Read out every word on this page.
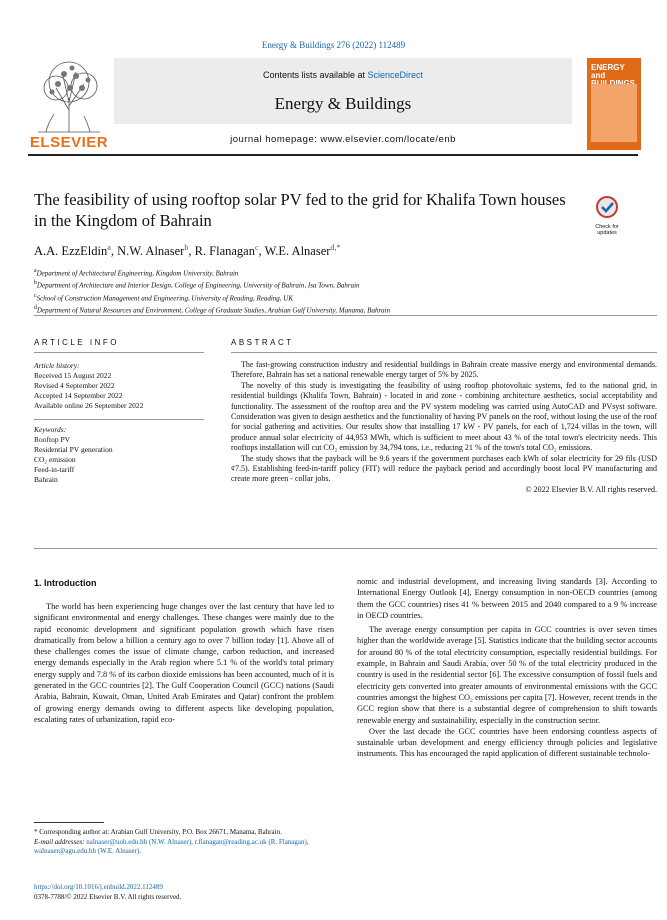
Energy & Buildings 276 (2022) 112489
ELSEVIER
Contents lists available at ScienceDirect
Energy & Buildings
journal homepage: www.elsevier.com/locate/enb
ENERGY and
The feasibility of using rooftop solar PV fed to the grid for Khalifa Town houses in the Kingdom of Bahrain	Check for updates
A.A. EzzEldin$^a$, N.W. Alnaser$^b$, R. Flanagan$^c$, W.E. Alnaser$^{d,*}$
$^a$Department of Architectural Engineering, Kingdom University, Bahrain
$^b$Department of Architecture and Interior Design, College of Engineering, University of Bahrain, Isa Town, Bahrain
$^c$School of Construction Management and Engineering, University of Reading, Reading, UK
$^d$Department of Natural Resources and Environment, College of Graduate Studies, Arabian Gulf University, Manama, Bahrain
ARTICLE INFO	ABSTRACT
Article history:
Received 15 August 2022
Revised 4 September 2022
Accepted 14 September 2022
Available online 26 September 2022
Keywords:
Rooftop PV
Residential PV generation
CO₂ emission
Feed-in-tariff
Bahrain

The fast-growing construction industry and residential buildings in Bahrain create massive energy and environmental demands. Therefore, Bahrain has set a national renewable energy target of 5% by 2025.

The novelty of this study is investigating the feasibility of using rooftop photovoltaic systems, fed to the national grid, in residential buildings (Khalifa Town, Bahrain) - located in arid zone - combining architecture aesthetics, social acceptability and functionality. The assessment of the rooftop area and the PV system modeling was carried using AutoCAD and PVsyst software. Consideration was given to design aesthetics and the functionality of having PV panels on the roof, without losing the use of the roof for social gathering and activities. Our results show that installing 17 kW - PV panels, for each of 1,724 villas in the town, will produce annual solar electricity of 44,953 MWh, which is sufficient to meet about 43 % of the total town's electricity needs. This rooftops installation will cut CO₂ emission by 34,794 tons, i.e., reducing 21 % of the town's total CO₂ emissions.

The study shows that the payback will be 9.6 years if the government purchases each kWh of solar electricity for 29 fils (USD ¢7.5). Establishing feed-in-tariff policy (FIT) will reduce the payback period and accordingly boost local PV manufacturing and create more green - collar jobs.

© 2022 Elsevier B.V. All rights reserved.

1. Introduction

The world has been experiencing huge changes over the last century that have led to significant environmental and energy challenges. These changes were mainly due to the rapid economic development and significant population growth which have risen dramatically from below a billion a century ago to over 7 billion today [1]. Above all of these challenges comes the issue of climate change, carbon reduction, and increased energy demands especially in the Arab region where 5.1 % of the world's total primary energy supply and 7.8 % of its carbon dioxide emissions has been accounted, much of it is generated in the GCC countries [2]. The Gulf Cooperation Council (GCC) nations (Saudi Arabia, Bahrain, Kuwait, Oman, United Arab Emirates and Qatar) confront the problem of growing energy demands owing to different aspects like developing population, escalating rates of urbanization, rapid eco-

nomic and industrial development, and increasing living standards [3]. According to International Energy Outlook [4], Energy consumption in non-OECD countries (among them the GCC countries) rises 41 % between 2015 and 2040 compared to a 9 % increase in OECD countries.

The average energy consumption per capita in GCC countries is over seven times higher than the worldwide average [5]. Statistics indicate that the building sector accounts for around 80 % of the total electricity consumption, especially residential buildings. For example, in Bahrain and Saudi Arabia, over 50 % of the total electricity produced in the country is used in the residential sector [6]. The excessive consumption of fossil fuels and electricity gets converted into greater amounts of environmental emissions with the GCC countries amongst the highest CO₂ emissions per capita [7]. However, recent trends in the GCC region show that there is a substantial degree of comprehension to shift towards renewable energy and sustainability, especially in the construction sector.

Over the last decade the GCC countries have been endorsing countless aspects of sustainable urban development and energy efficiency through policies and legislative instruments. This has encouraged the rapid application of different sustainable technolo-

* Corresponding author at: Arabian Gulf University, P.O. Box 26671, Manama, Bahrain.
E-mail addresses: nalnaser@uob.edu.bh (N.W. Alnaser), r.flanagan@reading.ac.uk (R. Flanagan), walnaser@agu.edu.bh (W.E. Alnaser).
https://doi.org/10.1016/j.enbuild.2022.112489
0378-7788/© 2022 Elsevier B.V. All rights reserved.
